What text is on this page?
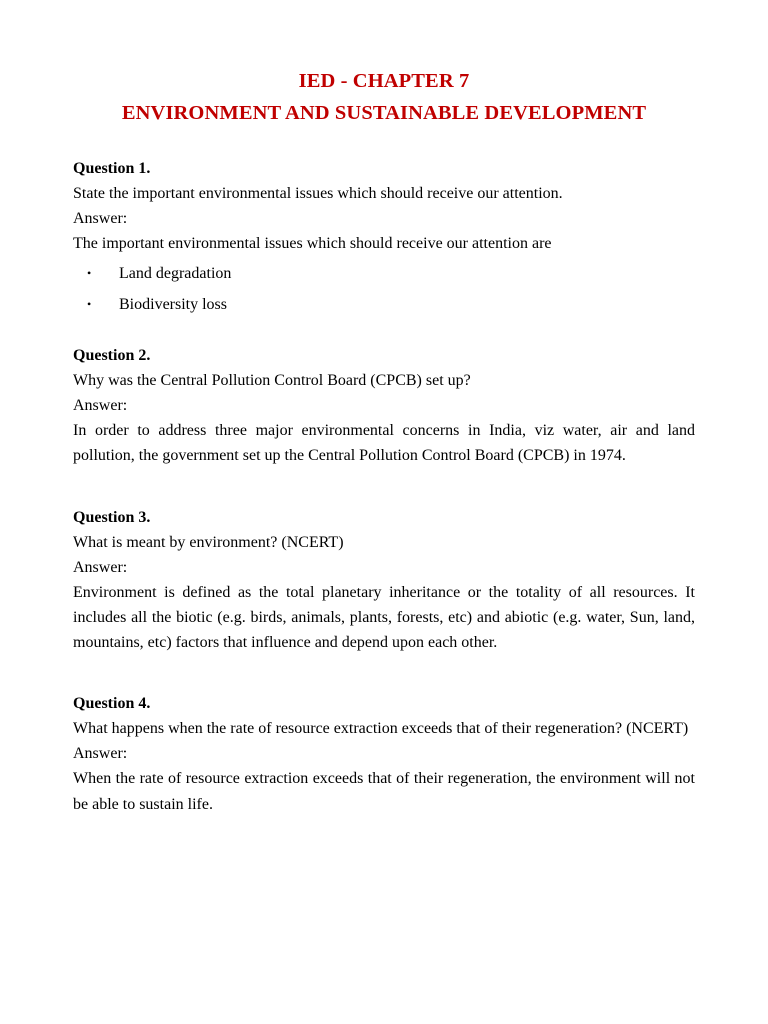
IED - CHAPTER 7
ENVIRONMENT AND SUSTAINABLE DEVELOPMENT
Question 1.
State the important environmental issues which should receive our attention.
Answer:
The important environmental issues which should receive our attention are
• Land degradation
• Biodiversity loss
Question 2.
Why was the Central Pollution Control Board (CPCB) set up?
Answer:
In order to address three major environmental concerns in India, viz water, air and land pollution, the government set up the Central Pollution Control Board (CPCB) in 1974.
Question 3.
What is meant by environment? (NCERT)
Answer:
Environment is defined as the total planetary inheritance or the totality of all resources. It includes all the biotic (e.g. birds, animals, plants, forests, etc) and abiotic (e.g. water, Sun, land, mountains, etc) factors that influence and depend upon each other.
Question 4.
What happens when the rate of resource extraction exceeds that of their regeneration? (NCERT)
Answer:
When the rate of resource extraction exceeds that of their regeneration, the environment will not be able to sustain life.
